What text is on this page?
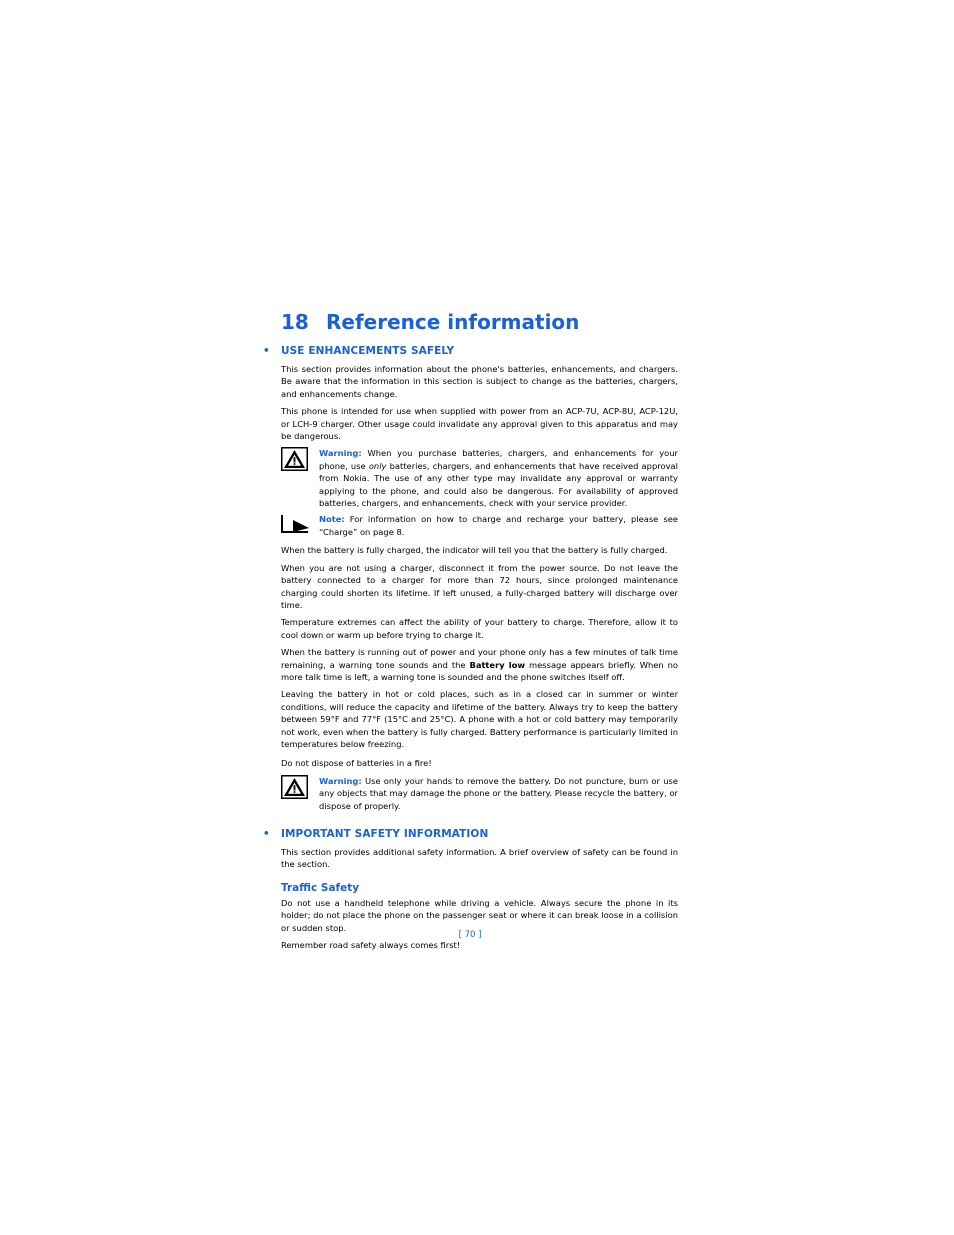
18 Reference information
• USE ENHANCEMENTS SAFELY

This section provides information about the phone's batteries, enhancements, and chargers. Be aware that the information in this section is subject to change as the batteries, chargers, and enhancements change.

This phone is intended for use when supplied with power from an ACP-7U, ACP-8U, ACP-12U, or LCH-9 charger. Other usage could invalidate any approval given to this apparatus and may be dangerous.

Warning: When you purchase batteries, chargers, and enhancements for your phone, use only batteries, chargers, and enhancements that have received approval from Nokia. The use of any other type may invalidate any approval or warranty applying to the phone, and could also be dangerous. For availability of approved batteries, chargers, and enhancements, check with your service provider.

Note: For information on how to charge and recharge your battery, please see “Charge” on page 8.

When the battery is fully charged, the indicator will tell you that the battery is fully charged.

When you are not using a charger, disconnect it from the power source. Do not leave the battery connected to a charger for more than 72 hours, since prolonged maintenance charging could shorten its lifetime. If left unused, a fully-charged battery will discharge over time.

Temperature extremes can affect the ability of your battery to charge. Therefore, allow it to cool down or warm up before trying to charge it.

When the battery is running out of power and your phone only has a few minutes of talk time remaining, a warning tone sounds and the Battery low message appears briefly. When no more talk time is left, a warning tone is sounded and the phone switches itself off.

Leaving the battery in hot or cold places, such as in a closed car in summer or winter conditions, will reduce the capacity and lifetime of the battery. Always try to keep the battery between 59°F and 77°F (15°C and 25°C). A phone with a hot or cold battery may temporarily not work, even when the battery is fully charged. Battery performance is particularly limited in temperatures below freezing.

Do not dispose of batteries in a fire!

Warning: Use only your hands to remove the battery. Do not puncture, burn or use any objects that may damage the phone or the battery. Please recycle the battery, or dispose of properly.

• IMPORTANT SAFETY INFORMATION

This section provides additional safety information. A brief overview of safety can be found in the section.

Traffic Safety

Do not use a handheld telephone while driving a vehicle. Always secure the phone in its holder; do not place the phone on the passenger seat or where it can break loose in a collision or sudden stop.

Remember road safety always comes first!

[ 70 ]
